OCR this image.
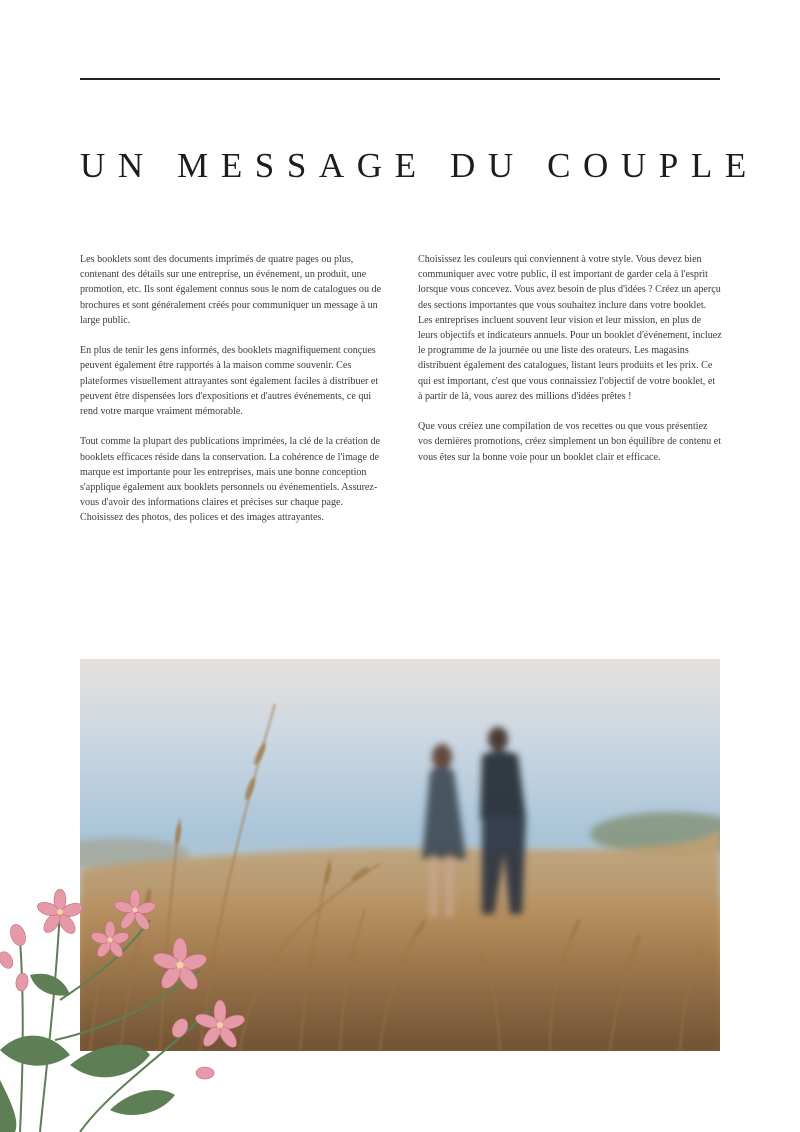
UN MESSAGE DU COUPLE

Les booklets sont des documents imprimés de quatre pages ou plus, contenant des détails sur une entreprise, un événement, un produit, une promotion, etc. Ils sont également connus sous le nom de catalogues ou de brochures et sont généralement créés pour communiquer un message à un large public.

En plus de tenir les gens informés, des booklets magnifiquement conçues peuvent également être rapportés à la maison comme souvenir. Ces plateformes visuellement attrayantes sont également faciles à distribuer et peuvent être dispensées lors d'expositions et d'autres événements, ce qui rend votre marque vraiment mémorable.

Tout comme la plupart des publications imprimées, la clé de la création de booklets efficaces réside dans la conservation. La cohérence de l'image de marque est importante pour les entreprises, mais une bonne conception s'applique également aux booklets personnels ou événementiels. Assurez-vous d'avoir des informations claires et précises sur chaque page. Choisissez des photos, des polices et des images attrayantes.

Choisissez les couleurs qui conviennent à votre style. Vous devez bien communiquer avec votre public, il est important de garder cela à l'esprit lorsque vous concevez. Vous avez besoin de plus d'idées ? Créez un aperçu des sections importantes que vous souhaitez inclure dans votre booklet. Les entreprises incluent souvent leur vision et leur mission, en plus de leurs objectifs et indicateurs annuels. Pour un booklet d'événement, incluez le programme de la journée ou une liste des orateurs. Les magasins distribuent également des catalogues, listant leurs produits et les prix. Ce qui est important, c'est que vous connaissiez l'objectif de votre booklet, et à partir de là, vous aurez des millions d'idées prêtes !

Que vous créiez une compilation de vos recettes ou que vous présentiez vos dernières promotions, créez simplement un bon équilibre de contenu et vous êtes sur la bonne voie pour un booklet clair et efficace.
